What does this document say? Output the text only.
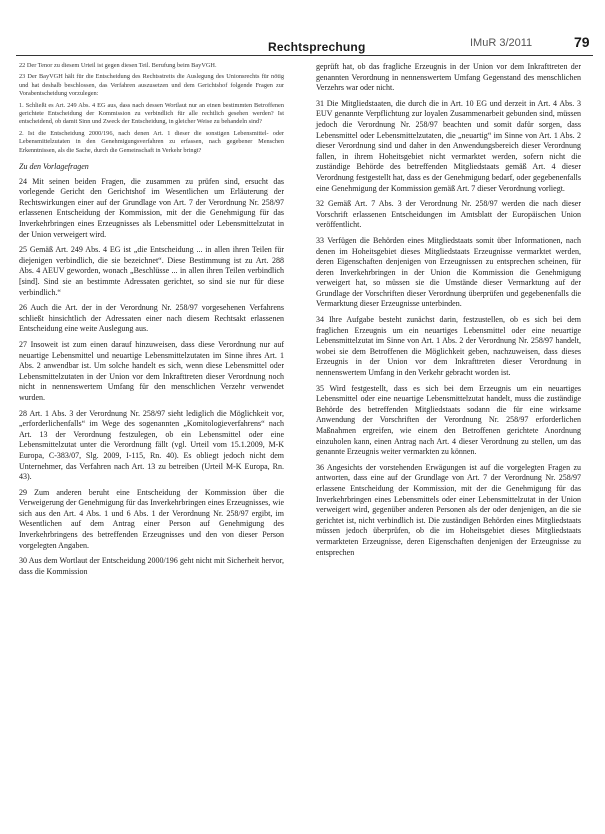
Rechtsprechung	IMuR 3/2011	79

22 Der Tenor zu diesem Urteil ist gegen diesen Teil. Berufung beim BayVGH.

23 Der BayVGH hält für die Entscheidung des Rechtsstreits die Auslegung des Unionsrechts für nötig und hat deshalb beschlossen, das Verfahren auszusetzen und dem Gerichtshof folgende Fragen zur Vorabentscheidung vorzulegen:

1. Schließt es Art. 249 Abs. 4 EG aus, dass nach dessen Wortlaut nur an einen bestimmten Betroffenen gerichtete Entscheidung der Kommission zu verbindlich für alle rechtlich gesehen werden? Ist entscheidend, ob damit Sinn und Zweck der Entscheidung, in gleicher Weise zu behandeln sind?

2. Ist die Entscheidung 2000/196, nach denen Art. 1 dieser die sonstigen Lebensmittel- oder Lebensmittelzutaten in den Genehmigungsverfahren zu erfassen, nach gegebener Menschen Erkenntnissen, als die Sache, durch die Gemeinschaft in Verkehr bringt?

Zu den Vorlagefragen

24 Mit seinen beiden Fragen, die zusammen zu prüfen sind, ersucht das vorlegende Gericht den Gerichtshof im Wesentlichen um Erläuterung der Rechtswirkungen einer auf der Grundlage von Art. 7 der Verordnung Nr. 258/97 erlassenen Entscheidung der Kommission, mit der die Genehmigung für das Inverkehrbringen eines Erzeugnisses als Lebensmittel oder Lebensmittelzutat in der Union verweigert wird.

25 Gemäß Art. 249 Abs. 4 EG ist „die Entscheidung ... in allen ihren Teilen für diejenigen verbindlich, die sie bezeichnet“. Diese Bestimmung ist zu Art. 288 Abs. 4 AEUV geworden, wonach „Beschlüsse ... in allen ihren Teilen verbindlich [sind]. Sind sie an bestimmte Adressaten gerichtet, so sind sie nur für diese verbindlich.“

26 Auch die Art. der in der Verordnung Nr. 258/97 vorgesehenen Verfahrens schließt hinsichtlich der Adressaten einer nach diesem Rechtsakt erlassenen Entscheidung eine weite Auslegung aus.

27 Insoweit ist zum einen darauf hinzuweisen, dass diese Verordnung nur auf neuartige Lebensmittel und neuartige Lebensmittelzutaten im Sinne ihres Art. 1 Abs. 2 anwendbar ist. Um solche handelt es sich, wenn diese Lebensmittel oder Lebensmittelzutaten in der Union vor dem Inkrafttreten dieser Verordnung noch nicht in nennenswertem Umfang für den menschlichen Verzehr verwendet wurden.

28 Art. 1 Abs. 3 der Verordnung Nr. 258/97 sieht lediglich die Möglichkeit vor, „erforderlichenfalls“ im Wege des sogenannten „Komitologieverfahrens“ nach Art. 13 der Verordnung festzulegen, ob ein Lebensmittel oder eine Lebensmittelzutat unter die Verordnung fällt (vgl. Urteil vom 15.1.2009, M-K Europa, C-383/07, Slg. 2009, I-115, Rn. 40). Es obliegt jedoch nicht dem Unternehmer, das Verfahren nach Art. 13 zu betreiben (Urteil M-K Europa, Rn. 43).

29 Zum anderen beruht eine Entscheidung der Kommission über die Verweigerung der Genehmigung für das Inverkehrbringen eines Erzeugnisses, wie sich aus den Art. 4 Abs. 1 und 6 Abs. 1 der Verordnung Nr. 258/97 ergibt, im Wesentlichen auf dem Antrag einer Person auf Genehmigung des Inverkehrbringens des betreffenden Erzeugnisses und den von dieser Person vorgelegten Angaben.

30 Aus dem Wortlaut der Entscheidung 2000/196 geht nicht mit Sicherheit hervor, dass die Kommission

geprüft hat, ob das fragliche Erzeugnis in der Union vor dem Inkrafttreten der genannten Verordnung in nennenswertem Umfang Gegenstand des menschlichen Verzehrs war oder nicht.

31 Die Mitgliedstaaten, die durch die in Art. 10 EG und derzeit in Art. 4 Abs. 3 EUV genannte Verpflichtung zur loyalen Zusammenarbeit gebunden sind, müssen jedoch die Verordnung Nr. 258/97 beachten und somit dafür sorgen, dass Lebensmittel oder Lebensmittelzutaten, die „neuartig“ im Sinne von Art. 1 Abs. 2 dieser Verordnung sind und daher in den Anwendungsbereich dieser Verordnung fallen, in ihrem Hoheitsgebiet nicht vermarktet werden, sofern nicht die zuständige Behörde des betreffenden Mitgliedstaats gemäß Art. 4 dieser Verordnung festgestellt hat, dass es der Genehmigung bedarf, oder gegebenenfalls eine Genehmigung der Kommission gemäß Art. 7 dieser Verordnung vorliegt.

32 Gemäß Art. 7 Abs. 3 der Verordnung Nr. 258/97 werden die nach dieser Vorschrift erlassenen Entscheidungen im Amtsblatt der Europäischen Union veröffentlicht.

33 Verfügen die Behörden eines Mitgliedstaats somit über Informationen, nach denen im Hoheitsgebiet dieses Mitgliedstaats Erzeugnisse vermarktet werden, deren Eigenschaften denjenigen von Erzeugnissen zu entsprechen scheinen, für deren Inverkehrbringen in der Union die Kommission die Genehmigung verweigert hat, so müssen sie die Umstände dieser Vermarktung auf der Grundlage der Vorschriften dieser Verordnung überprüfen und gegebenenfalls die Vermarktung dieser Erzeugnisse unterbinden.

34 Ihre Aufgabe besteht zunächst darin, festzustellen, ob es sich bei dem fraglichen Erzeugnis um ein neuartiges Lebensmittel oder eine neuartige Lebensmittelzutat im Sinne von Art. 1 Abs. 2 der Verordnung Nr. 258/97 handelt, wobei sie dem Betroffenen die Möglichkeit geben, nachzuweisen, dass dieses Erzeugnis in der Union vor dem Inkrafttreten dieser Verordnung in nennenswertem Umfang in den Verkehr gebracht worden ist.

35 Wird festgestellt, dass es sich bei dem Erzeugnis um ein neuartiges Lebensmittel oder eine neuartige Lebensmittelzutat handelt, muss die zuständige Behörde des betreffenden Mitgliedstaats sodann die für eine wirksame Anwendung der Vorschriften der Verordnung Nr. 258/97 erforderlichen Maßnahmen ergreifen, wie einem den Betroffenen gerichtete Anordnung einzuholen kann, einen Antrag nach Art. 4 dieser Verordnung zu stellen, um das genannte Erzeugnis weiter vermarkten zu können.

36 Angesichts der vorstehenden Erwägungen ist auf die vorgelegten Fragen zu antworten, dass eine auf der Grundlage von Art. 7 der Verordnung Nr. 258/97 erlassene Entscheidung der Kommission, mit der die Genehmigung für das Inverkehrbringen eines Lebensmittels oder einer Lebensmittelzutat in der Union verweigert wird, gegenüber anderen Personen als der oder denjenigen, an die sie gerichtet ist, nicht verbindlich ist. Die zuständigen Behörden eines Mitgliedstaats müssen jedoch überprüfen, ob die im Hoheitsgebiet dieses Mitgliedstaats vermarkteten Erzeugnisse, deren Eigenschaften denjenigen der Erzeugnisse zu entsprechen
